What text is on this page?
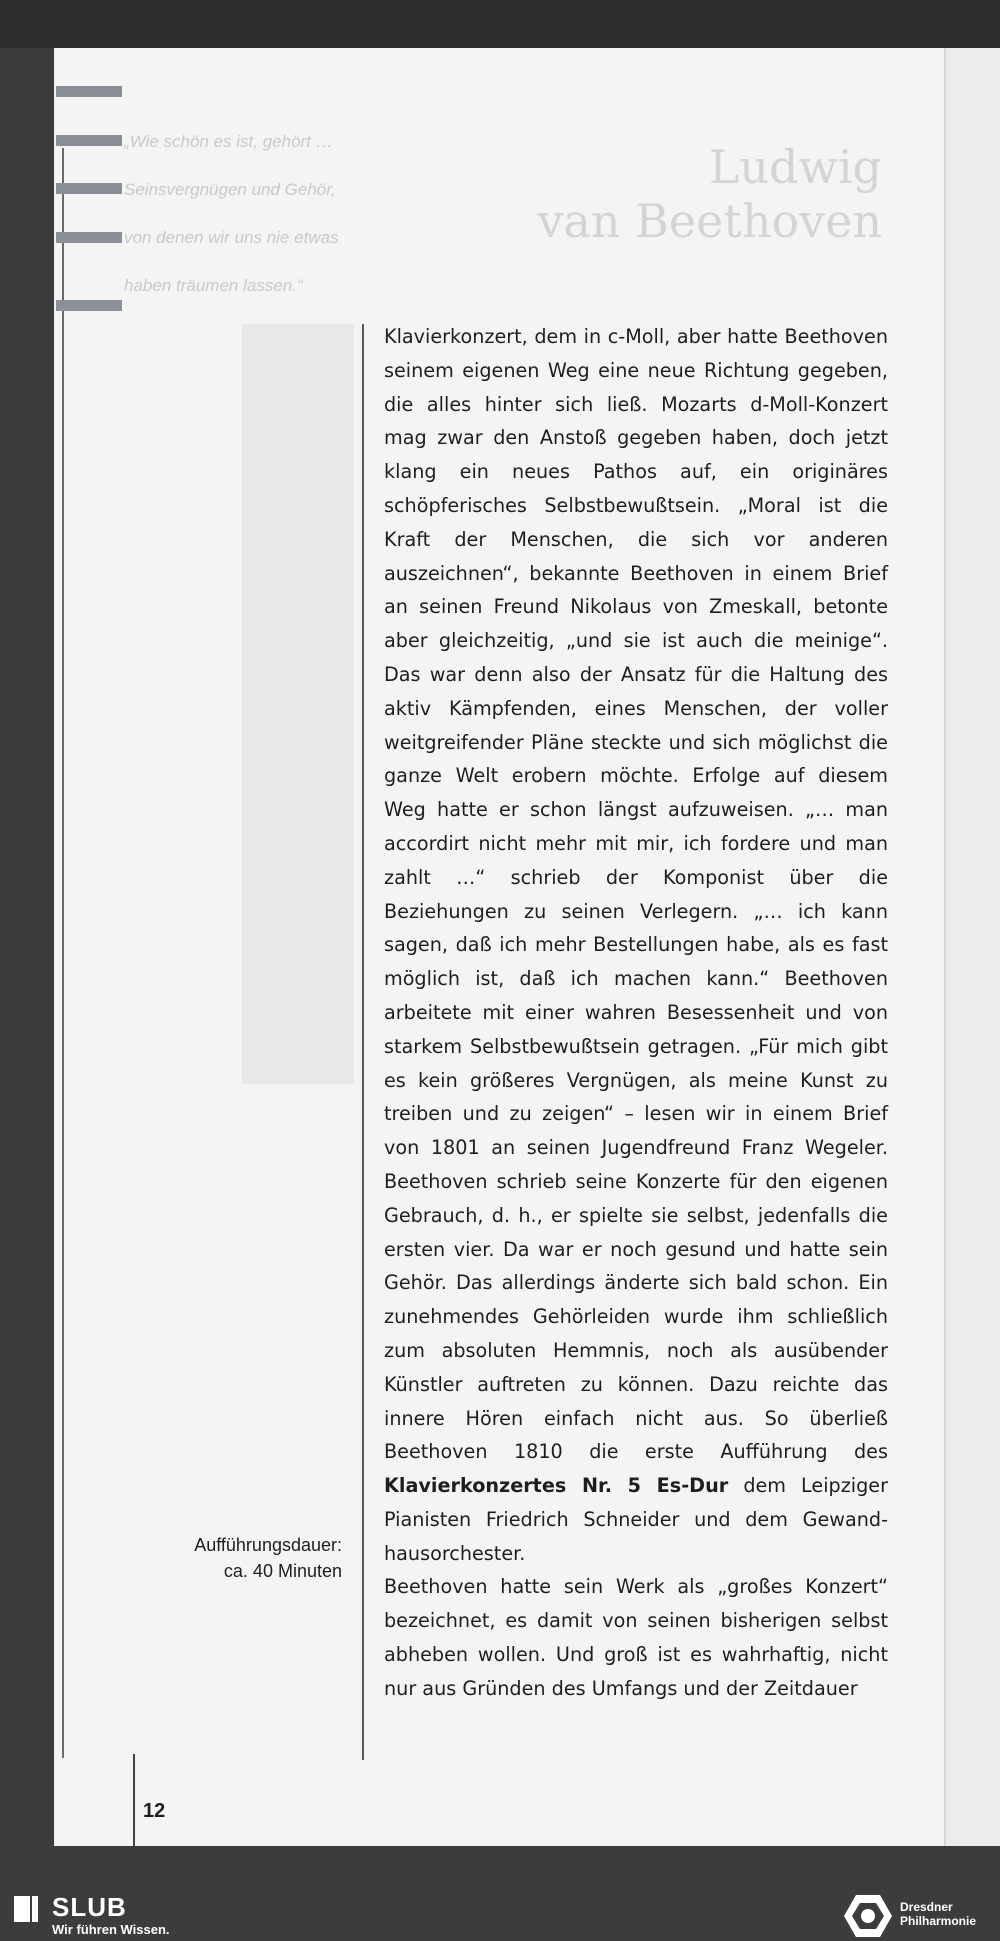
„Wie schön es ist, gehört …
Seinsvergnügen und Gehör,
von denen wir uns nie etwas
haben träumen lassen.“
Ludwig
van Beethoven

Klavierkonzert, dem in c-Moll, aber hatte Beethoven seinem eigenen Weg eine neue Richtung gegeben, die alles hinter sich ließ. Mozarts d-Moll-Konzert mag zwar den Anstoß gegeben haben, doch jetzt klang ein neues Pathos auf, ein originäres schöpferisches Selbstbewußtsein. „Moral ist die Kraft der Menschen, die sich vor anderen auszeichnen“, bekannte Beethoven in einem Brief an seinen Freund Nikolaus von Zmeskall, betonte aber gleichzeitig, „und sie ist auch die meinige“. Das war denn also der Ansatz für die Haltung des aktiv Kämpfenden, eines Menschen, der voller weitgreifender Pläne steckte und sich möglichst die ganze Welt erobern möchte. Erfolge auf diesem Weg hatte er schon längst aufzuweisen. „… man accordirt nicht mehr mit mir, ich fordere und man zahlt …“ schrieb der Komponist über die Beziehungen zu seinen Verlegern. „… ich kann sagen, daß ich mehr Bestellungen habe, als es fast möglich ist, daß ich machen kann.“ Beethoven arbeitete mit einer wahren Besessenheit und von starkem Selbstbewußtsein getragen. „Für mich gibt es kein größeres Vergnügen, als meine Kunst zu treiben und zu zeigen“ – lesen wir in einem Brief von 1801 an seinen Jugendfreund Franz Wegeler. Beethoven schrieb seine Konzerte für den eigenen Gebrauch, d. h., er spielte sie selbst, jedenfalls die ersten vier. Da war er noch gesund und hatte sein Gehör. Das allerdings änderte sich bald schon. Ein zunehmendes Gehörleiden wurde ihm schließlich zum absoluten Hemmnis, noch als ausübender Künstler auftreten zu können. Dazu reichte das innere Hören einfach nicht aus. So überließ Beethoven 1810 die erste Aufführung des Klavierkonzertes Nr. 5 Es-Dur dem Leipziger Pianisten Friedrich Schneider und dem Gewandhausorchester.

Beethoven hatte sein Werk als „großes Konzert“ bezeichnet, es damit von seinen bisherigen selbst abheben wollen. Und groß ist es wahrhaftig, nicht nur aus Gründen des Umfangs und der Zeitdauer

Aufführungsdauer:
ca. 40 Minuten
12
SLUB
Wir führen Wissen.
Dresdner
Philharmonie
